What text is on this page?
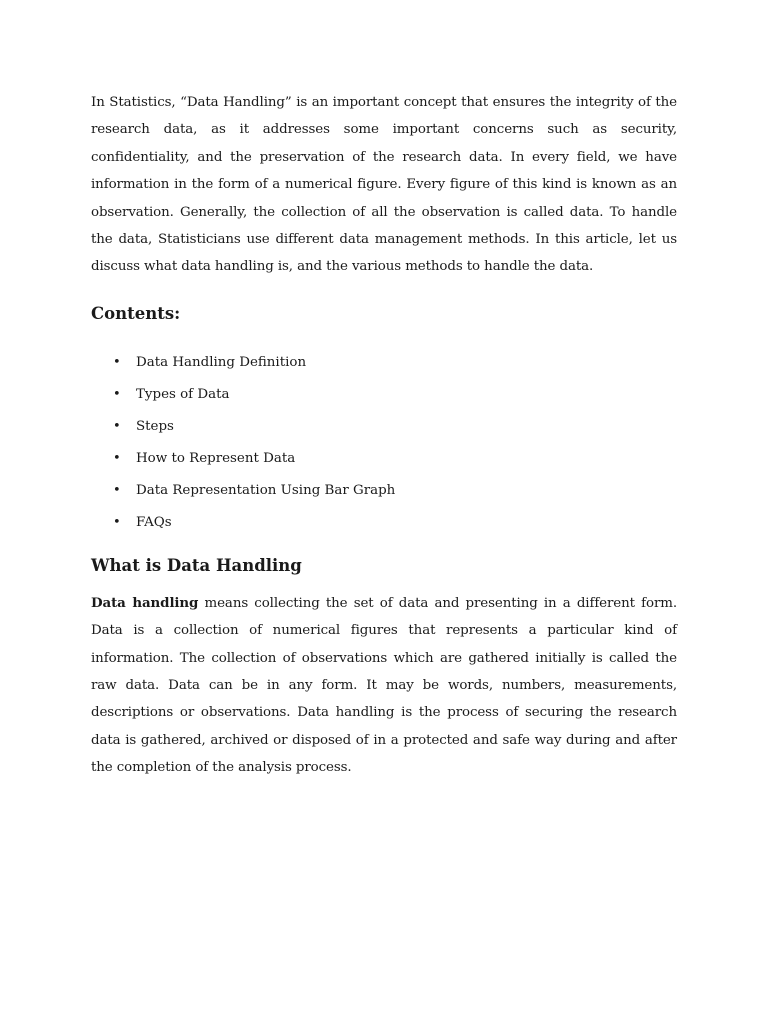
In Statistics, “Data Handling” is an important concept that ensures the integrity of the research data, as it addresses some important concerns such as security, confidentiality, and the preservation of the research data. In every field, we have information in the form of a numerical figure. Every figure of this kind is known as an observation. Generally, the collection of all the observation is called data. To handle the data, Statisticians use different data management methods. In this article, let us discuss what data handling is, and the various methods to handle the data.

Contents:
• Data Handling Definition
• Types of Data
• Steps
• How to Represent Data
• Data Representation Using Bar Graph
• FAQs
What is Data Handling

Data handling means collecting the set of data and presenting in a different form. Data is a collection of numerical figures that represents a particular kind of information. The collection of observations which are gathered initially is called the raw data. Data can be in any form. It may be words, numbers, measurements, descriptions or observations. Data handling is the process of securing the research data is gathered, archived or disposed of in a protected and safe way during and after the completion of the analysis process.
